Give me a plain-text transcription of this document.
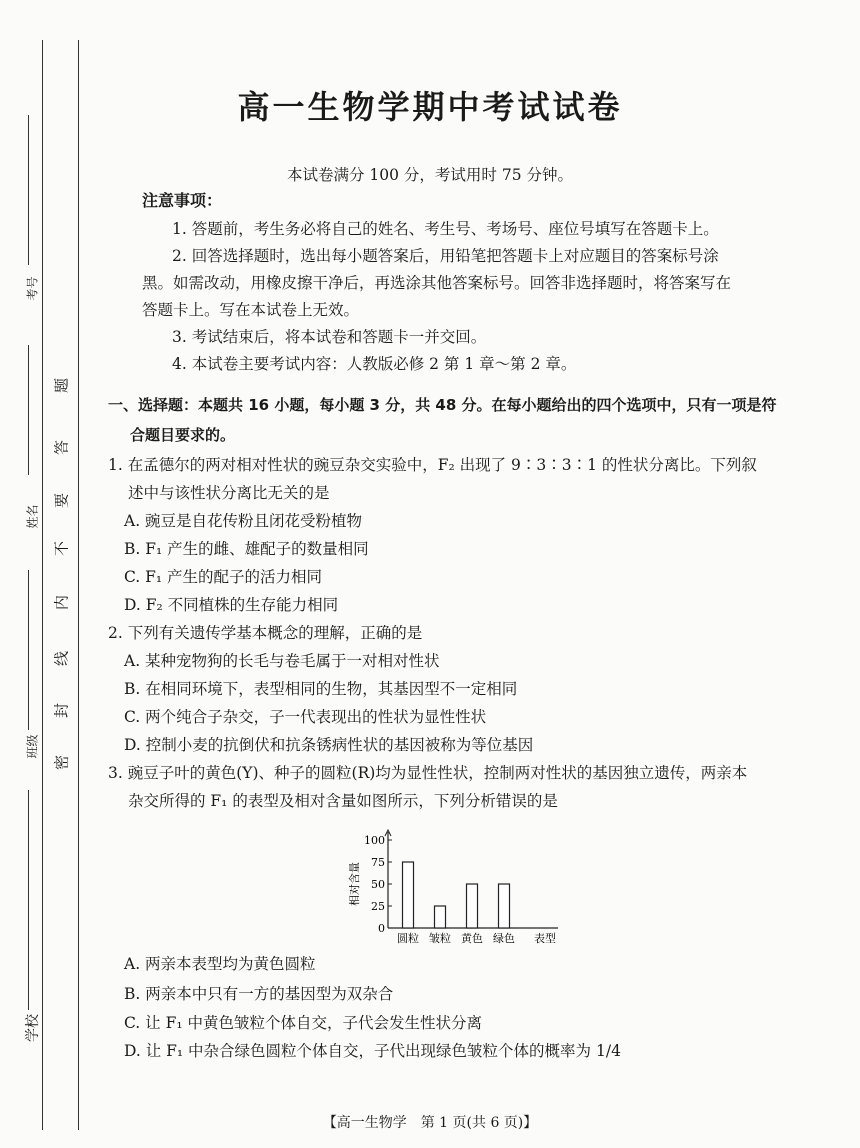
考号
姓名
班级
学校
题
答
要
不
内
线
封
密
高一生物学期中考试试卷
本试卷满分 100 分，考试用时 75 分钟。
注意事项：
1. 答题前，考生务必将自己的姓名、考生号、考场号、座位号填写在答题卡上。
2. 回答选择题时，选出每小题答案后，用铅笔把答题卡上对应题目的答案标号涂
黑。如需改动，用橡皮擦干净后，再选涂其他答案标号。回答非选择题时，将答案写在
答题卡上。写在本试卷上无效。
3. 考试结束后，将本试卷和答题卡一并交回。
4. 本试卷主要考试内容：人教版必修 2 第 1 章～第 2 章。
一、选择题：本题共 16 小题，每小题 3 分，共 48 分。在每小题给出的四个选项中，只有一项是符
合题目要求的。
1. 在孟德尔的两对相对性状的豌豆杂交实验中，F₂ 出现了 9∶3∶3∶1 的性状分离比。下列叙
述中与该性状分离比无关的是
A. 豌豆是自花传粉且闭花受粉植物
B. F₁ 产生的雌、雄配子的数量相同
C. F₁ 产生的配子的活力相同
D. F₂ 不同植株的生存能力相同
2. 下列有关遗传学基本概念的理解，正确的是
A. 某种宠物狗的长毛与卷毛属于一对相对性状
B. 在相同环境下，表型相同的生物，其基因型不一定相同
C. 两个纯合子杂交，子一代表现出的性状为显性性状
D. 控制小麦的抗倒伏和抗条锈病性状的基因被称为等位基因
3. 豌豆子叶的黄色(Y)、种子的圆粒(R)均为显性性状，控制两对性状的基因独立遗传，两亲本
杂交所得的 F₁ 的表型及相对含量如图所示，下列分析错误的是
0
25
50
75
100
相对含量
圆粒 皱粒 黄色 绿色 表型
A. 两亲本表型均为黄色圆粒
B. 两亲本中只有一方的基因型为双杂合
C. 让 F₁ 中黄色皱粒个体自交，子代会发生性状分离
D. 让 F₁ 中杂合绿色圆粒个体自交，子代出现绿色皱粒个体的概率为 1/4
【高一生物学　第 1 页(共 6 页)】
